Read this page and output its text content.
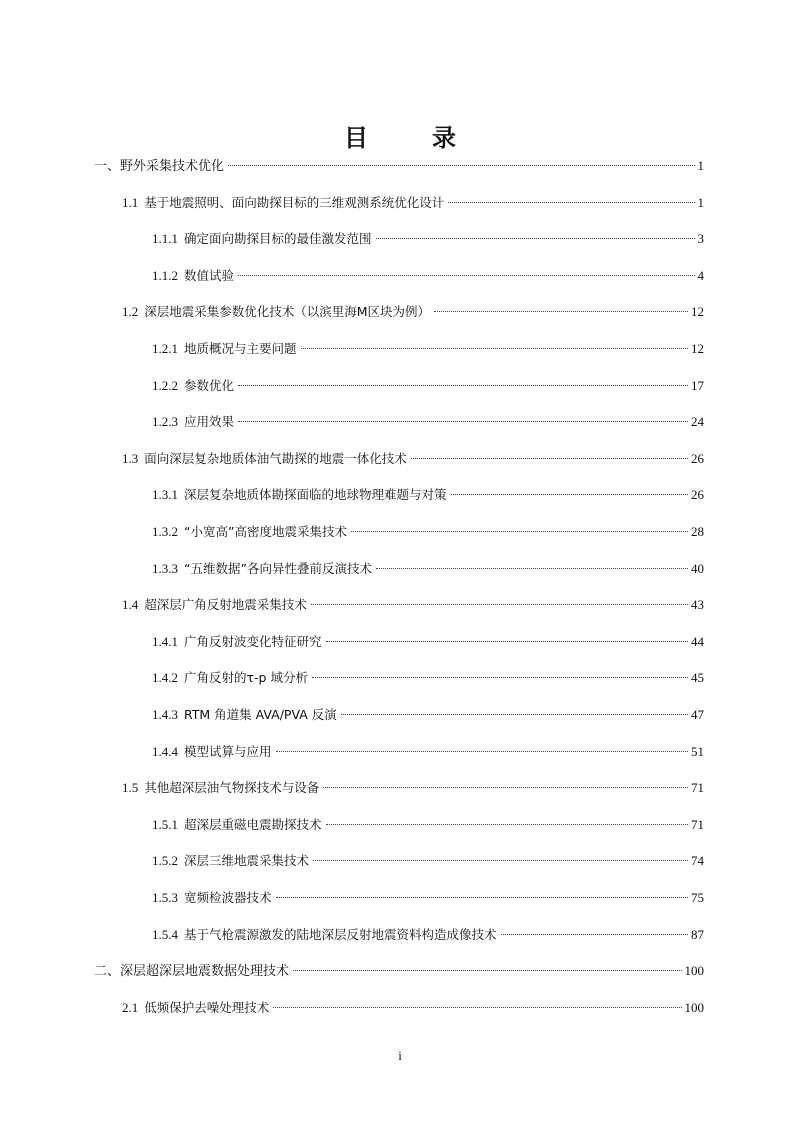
目　录
一、野外采集技术优化	1
1.1 基于地震照明、面向勘探目标的三维观测系统优化设计	1
1.1.1 确定面向勘探目标的最佳激发范围	3
1.1.2 数值试验	4
1.2 深层地震采集参数优化技术（以滨里海M区块为例）	12
1.2.1 地质概况与主要问题	12
1.2.2 参数优化	17
1.2.3 应用效果	24
1.3 面向深层复杂地质体油气勘探的地震一体化技术	26
1.3.1 深层复杂地质体勘探面临的地球物理难题与对策	26
1.3.2 “小宽高”高密度地震采集技术	28
1.3.3 “五维数据”各向异性叠前反演技术	40
1.4 超深层广角反射地震采集技术	43
1.4.1 广角反射波变化特征研究	44
1.4.2 广角反射的τ-p 域分析	45
1.4.3 RTM 角道集 AVA/PVA 反演	47
1.4.4 模型试算与应用	51
1.5 其他超深层油气物探技术与设备	71
1.5.1 超深层重磁电震勘探技术	71
1.5.2 深层三维地震采集技术	74
1.5.3 宽频检波器技术	75
1.5.4 基于气枪震源激发的陆地深层反射地震资料构造成像技术	87
二、深层超深层地震数据处理技术	100
2.1 低频保护去噪处理技术	100
i
